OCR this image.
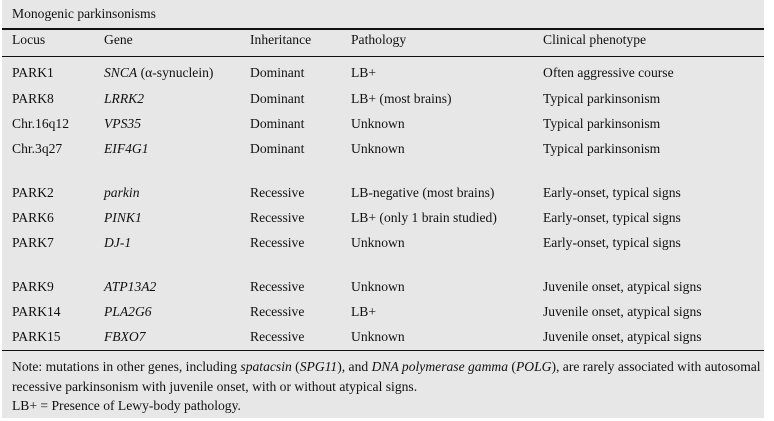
Monogenic parkinsonisms
Locus	Gene	Inheritance	Pathology	Clinical phenotype
PARK1	SNCA (α-synuclein)	Dominant	LB+	Often aggressive course
PARK8	LRRK2	Dominant	LB+ (most brains)	Typical parkinsonism
Chr.16q12	VPS35	Dominant	Unknown	Typical parkinsonism
Chr.3q27	EIF4G1	Dominant	Unknown	Typical parkinsonism
PARK2	parkin	Recessive	LB-negative (most brains)	Early-onset, typical signs
PARK6	PINK1	Recessive	LB+ (only 1 brain studied)	Early-onset, typical signs
PARK7	DJ-1	Recessive	Unknown	Early-onset, typical signs
PARK9	ATP13A2	Recessive	Unknown	Juvenile onset, atypical signs
PARK14	PLA2G6	Recessive	LB+	Juvenile onset, atypical signs
PARK15	FBXO7	Recessive	Unknown	Juvenile onset, atypical signs
Note: mutations in other genes, including spatacsin (SPG11), and DNA polymerase gamma (POLG), are rarely associated with autosomal recessive parkinsonism with juvenile onset, with or without atypical signs.
LB+ = Presence of Lewy-body pathology.
